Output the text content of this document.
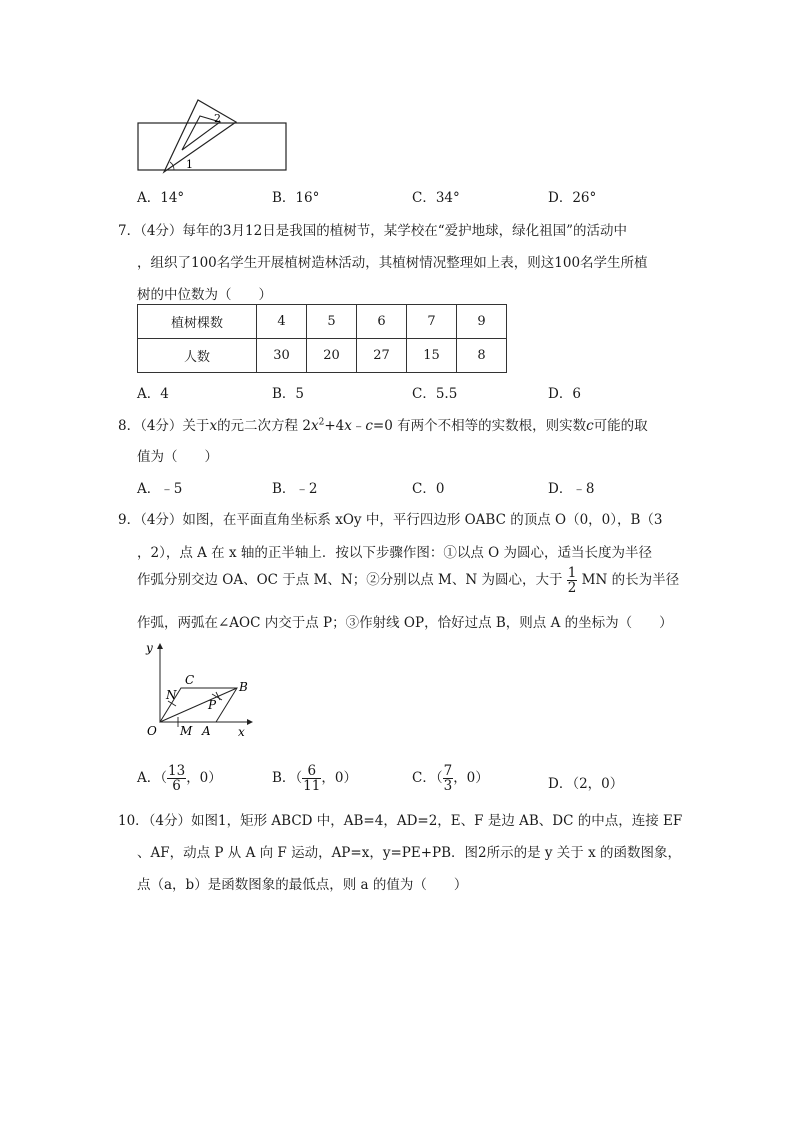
1
2
A．14°	B．16°	C．34°	D．26°
7．（4分）每年的3月12日是我国的植树节，某学校在“爱护地球，绿化祖国”的活动中
，组织了100名学生开展植树造林活动，其植树情况整理如上表，则这100名学生所植
树的中位数为（　　）
植树棵数	4	5	6	7	9
人数	30	20	27	15	8
A．4	B．5	C．5.5	D．6
8．（4分）关于x的元二次方程 $2x^2+4x﹣c=0$ 有两个不相等的实数根，则实数c可能的取
值为（　　）
A．﹣5	B．﹣2	C．0	D．﹣8
9．（4分）如图，在平面直角坐标系 xOy 中，平行四边形 OABC 的顶点 O（0，0），B（3
，2），点 A 在 x 轴的正半轴上．按以下步骤作图：①以点 O 为圆心，适当长度为半径
作弧分别交边 OA、OC 于点 M、N；②分别以点 M、N 为圆心，大于 $\frac{1}{2}$ MN 的长为半径
作弧，两弧在∠AOC 内交于点 P；③作射线 OP，恰好过点 B，则点 A 的坐标为（　　）
y
x
O
C	B
N
P
M A
A．（ $\frac{13}{6}$ ，0）	B．（ $\frac{6}{11}$ ，0）	C．（ $\frac{7}{3}$ ，0）	D．（2，0）
10．（4分）如图1，矩形 ABCD 中，AB=4，AD=2，E、F 是边 AB、DC 的中点，连接 EF
、AF，动点 P 从 A 向 F 运动，AP=x，y=PE+PB．图2所示的是 y 关于 x 的函数图象，
点（a，b）是函数图象的最低点，则 a 的值为（　　）
